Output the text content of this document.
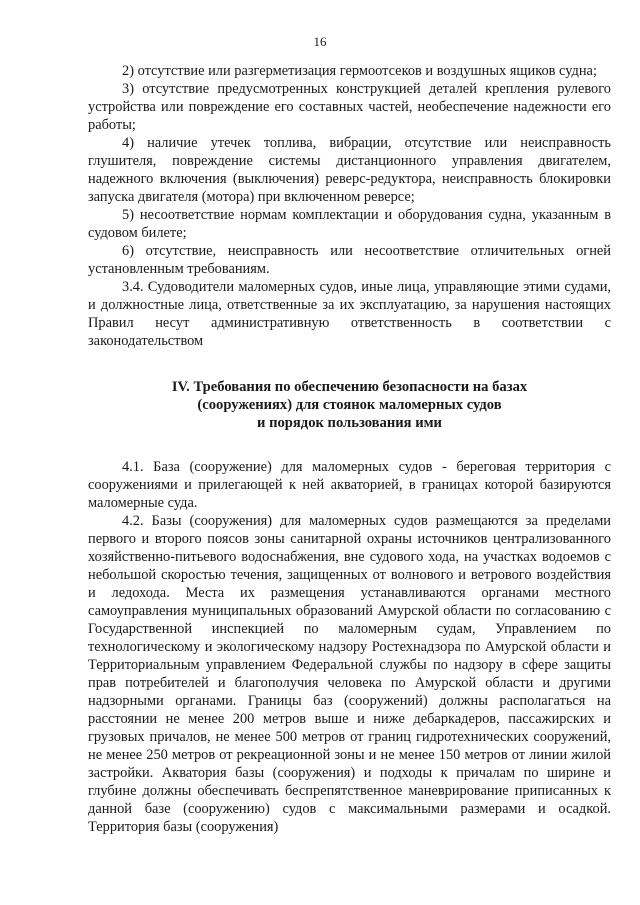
16

2) отсутствие или разгерметизация гермоотсеков и воздушных ящиков судна;

3) отсутствие предусмотренных конструкцией деталей крепления рулевого устройства или повреждение его составных частей, необеспечение надежности его работы;

4) наличие утечек топлива, вибрации, отсутствие или неисправность глушителя, повреждение системы дистанционного управления двигателем, надежного включения (выключения) реверс-редуктора, неисправность блокировки запуска двигателя (мотора) при включенном реверсе;

5) несоответствие нормам комплектации и оборудования судна, указанным в судовом билете;

6) отсутствие, неисправность или несоответствие отличительных огней установленным требованиям.

3.4. Судоводители маломерных судов, иные лица, управляющие этими судами, и должностные лица, ответственные за их эксплуатацию, за нарушения настоящих Правил несут административную ответственность в соответствии с законодательством

IV. Требования по обеспечению безопасности на базах
(сооружениях) для стоянок маломерных судов
и порядок пользования ими

4.1. База (сооружение) для маломерных судов - береговая территория с сооружениями и прилегающей к ней акваторией, в границах которой базируются маломерные суда.

4.2. Базы (сооружения) для маломерных судов размещаются за пределами первого и второго поясов зоны санитарной охраны источников централизованного хозяйственно-питьевого водоснабжения, вне судового хода, на участках водоемов с небольшой скоростью течения, защищенных от волнового и ветрового воздействия и ледохода. Места их размещения устанавливаются органами местного самоуправления муниципальных образований Амурской области по согласованию с Государственной инспекцией по маломерным судам, Управлением по технологическому и экологическому надзору Ростехнадзора по Амурской области и Территориальным управлением Федеральной службы по надзору в сфере защиты прав потребителей и благополучия человека по Амурской области и другими надзорными органами. Границы баз (сооружений) должны располагаться на расстоянии не менее 200 метров выше и ниже дебаркадеров, пассажирских и грузовых причалов, не менее 500 метров от границ гидротехнических сооружений, не менее 250 метров от рекреационной зоны и не менее 150 метров от линии жилой застройки. Акватория базы (сооружения) и подходы к причалам по ширине и глубине должны обеспечивать беспрепятственное маневрирование приписанных к данной базе (сооружению) судов с максимальными размерами и осадкой. Территория базы (сооружения)
